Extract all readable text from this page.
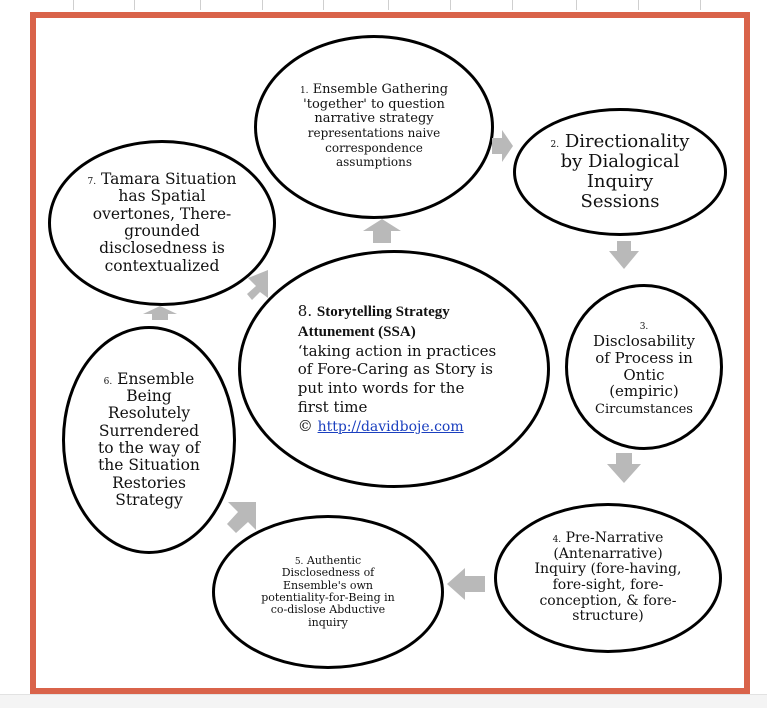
1. Ensemble Gathering
'together' to question
narrative strategy
representations naive
correspondence
assumptions
2. Directionality
by Dialogical
Inquiry
Sessions
3.
Disclosability
of Process in
Ontic
(empiric)
Circumstances
4. Pre-Narrative
(Antenarrative)
Inquiry (fore-having,
fore-sight, fore-
conception, & fore-
structure)
5. Authentic
Disclosedness of
Ensemble's own
potentiality-for-Being in
co-dislose Abductive
inquiry
6. Ensemble
Being
Resolutely
Surrendered
to the way of
the Situation
Restories
Strategy
7. Tamara Situation
has Spatial
overtones, There-
grounded
disclosedness is
contextualized
8. Storytelling Strategy
Attunement (SSA)
‘taking action in practices
of Fore-Caring as Story is
put into words for the
first time
© http://davidboje.com
